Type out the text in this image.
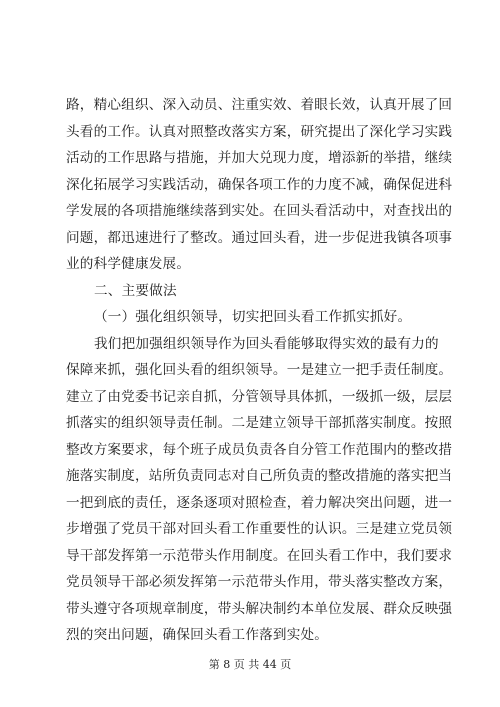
路，精心组织、深入动员、注重实效、着眼长效，认真开展了回
头看的工作。认真对照整改落实方案，研究提出了深化学习实践
活动的工作思路与措施，并加大兑现力度，增添新的举措，继续
深化拓展学习实践活动，确保各项工作的力度不减，确保促进科
学发展的各项措施继续落到实处。在回头看活动中，对查找出的
问题，都迅速进行了整改。通过回头看，进一步促进我镇各项事
业的科学健康发展。
二、主要做法
（一）强化组织领导，切实把回头看工作抓实抓好。
我们把加强组织领导作为回头看能够取得实效的最有力的
保障来抓，强化回头看的组织领导。一是建立一把手责任制度。
建立了由党委书记亲自抓，分管领导具体抓，一级抓一级，层层
抓落实的组织领导责任制。二是建立领导干部抓落实制度。按照
整改方案要求，每个班子成员负责各自分管工作范围内的整改措
施落实制度，站所负责同志对自己所负责的整改措施的落实把当
一把到底的责任，逐条逐项对照检查，着力解决突出问题，进一
步增强了党员干部对回头看工作重要性的认识。三是建立党员领
导干部发挥第一示范带头作用制度。在回头看工作中，我们要求
党员领导干部必须发挥第一示范带头作用，带头落实整改方案，
带头遵守各项规章制度，带头解决制约本单位发展、群众反映强
烈的突出问题，确保回头看工作落到实处。
第 8 页 共 44 页
